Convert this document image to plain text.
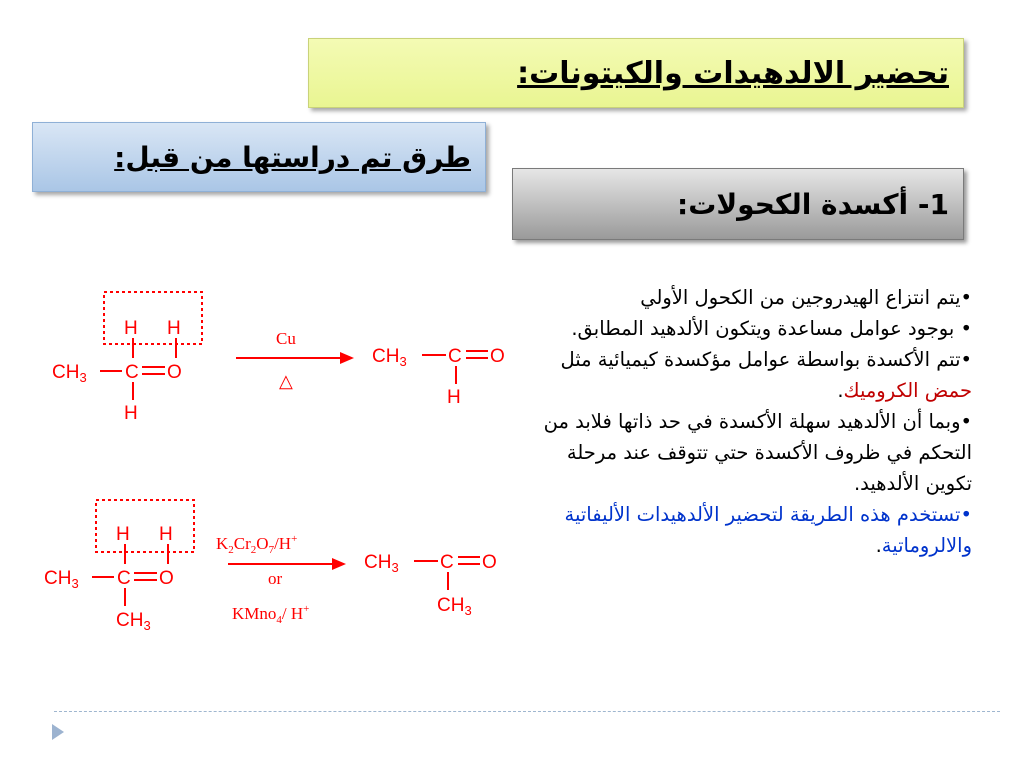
تحضير الالدهيدات والكيتونات:
طرق تم دراستها من قبل:
1- أكسدة الكحولات:

•يتم انتزاع الهيدروجين من الكحول الأولي

• بوجود عوامل مساعدة ويتكون الألدهيد المطابق.

•تتم الأكسدة بواسطة عوامل مؤكسدة كيميائية مثل حمض الكروميك.

•وبما أن الألدهيد سهلة الأكسدة في حد ذاتها فلابد من التحكم في ظروف الأكسدة حتي تتوقف عند مرحلة تكوين الألدهيد.

•تستخدم هذه الطريقة لتحضير الألدهيدات الأليفاتية والالروماتية.

H H
$CH_3$ C O
H
Cu
△
$CH_3$ C O
H
H H
$CH_3$ C O
$CH_3$
$K_2Cr_2O_7/H^+$
or
KMno$_4$/ H+
$CH_3$ C O
$CH_3$
